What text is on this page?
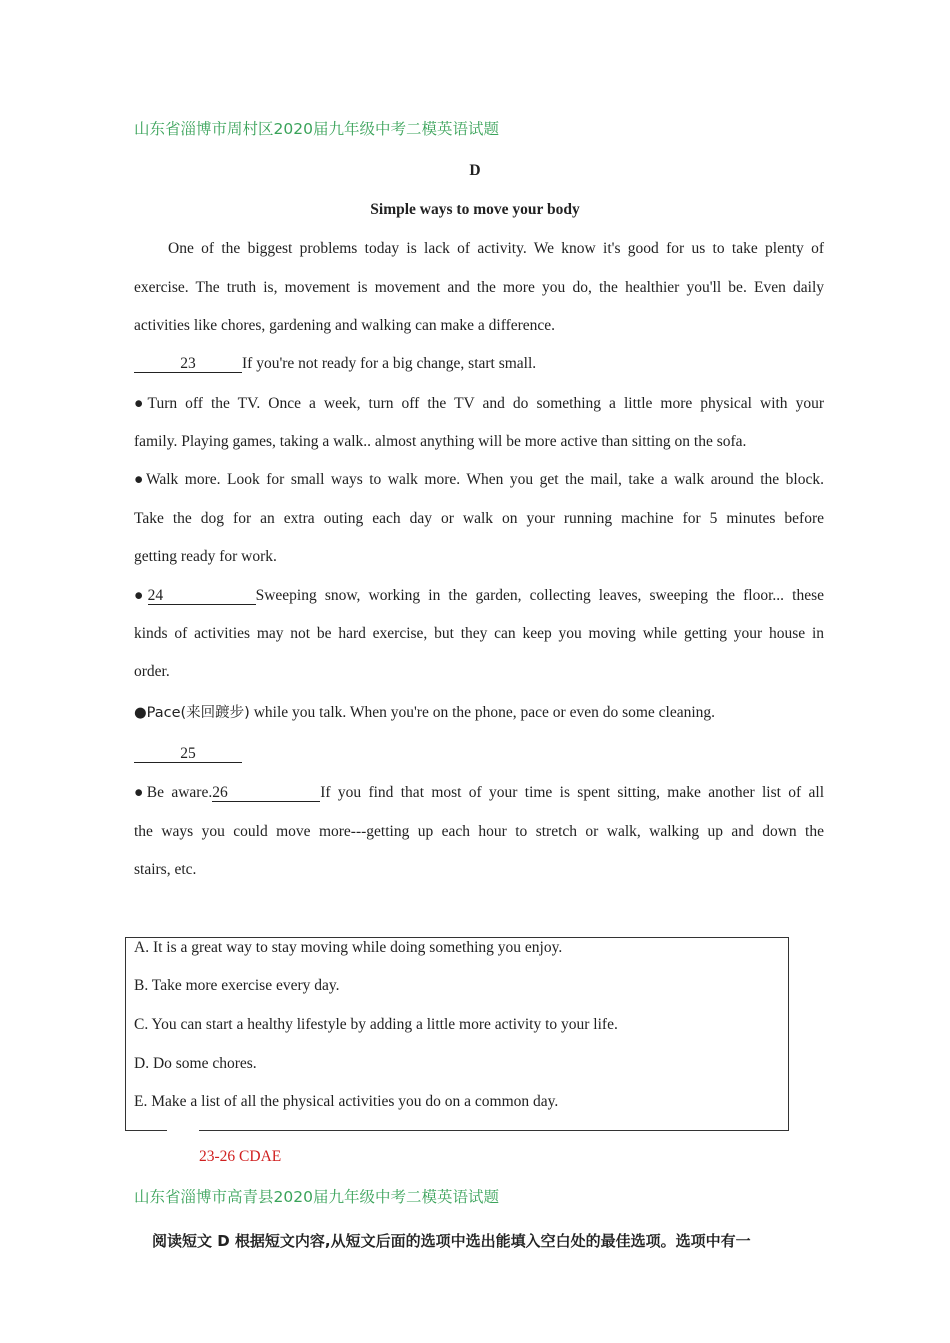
山东省淄博市周村区2020届九年级中考二模英语试题
D
Simple ways to move your body
One of the biggest problems today is lack of activity. We know it's good for us to take plenty of
exercise. The truth is, movement is movement and the more you do, the healthier you'll be. Even daily
activities like chores, gardening and walking can make a difference.
23	If you're not ready for a big change, start small.
●Turn off the TV. Once a week, turn off the TV and do something a little more physical with your
family. Playing games, taking a walk.. almost anything will be more active than sitting on the sofa.
●Walk more. Look for small ways to walk more. When you get the mail, take a walk around the block.
Take the dog for an extra outing each day or walk on your running machine for 5 minutes before
getting ready for work.
●24	Sweeping snow, working in the garden, collecting leaves, sweeping the floor... these
kinds of activities may not be hard exercise, but they can keep you moving while getting your house in
order.
●Pace(来回踱步) while you talk. When you're on the phone, pace or even do some cleaning.
25
●Be aware.26	If you find that most of your time is spent sitting, make another list of all
the ways you could move more---getting up each hour to stretch or walk, walking up and down the
stairs, etc.
A. It is a great way to stay moving while doing something you enjoy.
B. Take more exercise every day.
C. You can start a healthy lifestyle by adding a little more activity to your life.
D. Do some chores.
E. Make a list of all the physical activities you do on a common day.
23-26 CDAE
山东省淄博市高青县2020届九年级中考二模英语试题
阅读短文 D 根据短文内容,从短文后面的选项中选出能填入空白处的最佳选项。选项中有一
